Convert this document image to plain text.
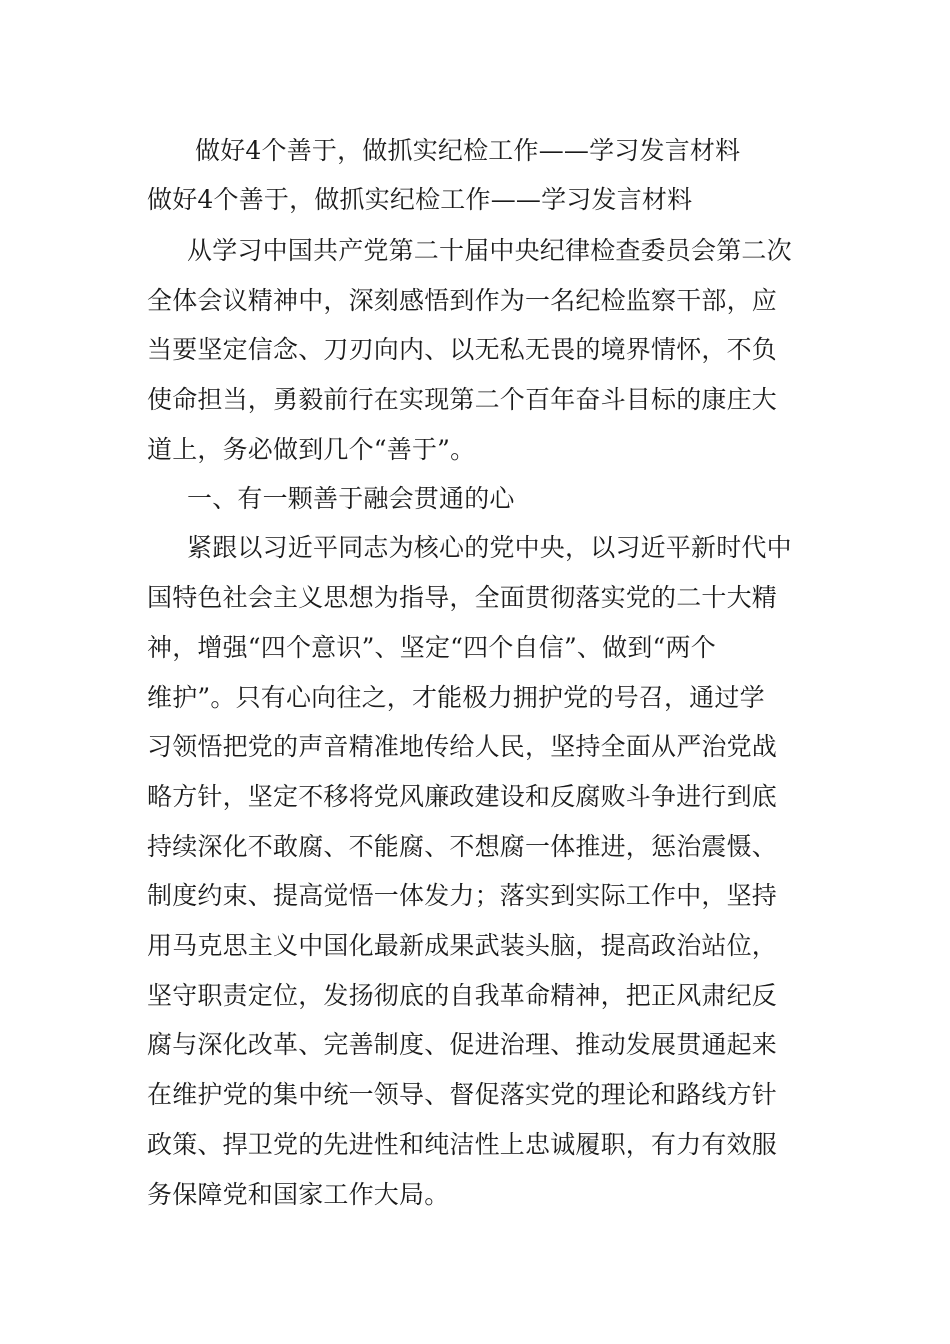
做好4个善于，做抓实纪检工作——学习发言材料
做好4个善于，做抓实纪检工作——学习发言材料
从学习中国共产党第二十届中央纪律检查委员会第二次
全体会议精神中，深刻感悟到作为一名纪检监察干部，应
当要坚定信念、刀刃向内、以无私无畏的境界情怀，不负
使命担当，勇毅前行在实现第二个百年奋斗目标的康庄大
道上，务必做到几个“善于”。
一、有一颗善于融会贯通的心
紧跟以习近平同志为核心的党中央，以习近平新时代中
国特色社会主义思想为指导，全面贯彻落实党的二十大精
神，增强“四个意识”、坚定“四个自信”、做到“两个
维护”。只有心向往之，才能极力拥护党的号召，通过学
习领悟把党的声音精准地传给人民，坚持全面从严治党战
略方针，坚定不移将党风廉政建设和反腐败斗争进行到底
持续深化不敢腐、不能腐、不想腐一体推进，惩治震慑、
制度约束、提高觉悟一体发力；落实到实际工作中，坚持
用马克思主义中国化最新成果武装头脑，提高政治站位，
坚守职责定位，发扬彻底的自我革命精神，把正风肃纪反
腐与深化改革、完善制度、促进治理、推动发展贯通起来
在维护党的集中统一领导、督促落实党的理论和路线方针
政策、捍卫党的先进性和纯洁性上忠诚履职，有力有效服
务保障党和国家工作大局。
